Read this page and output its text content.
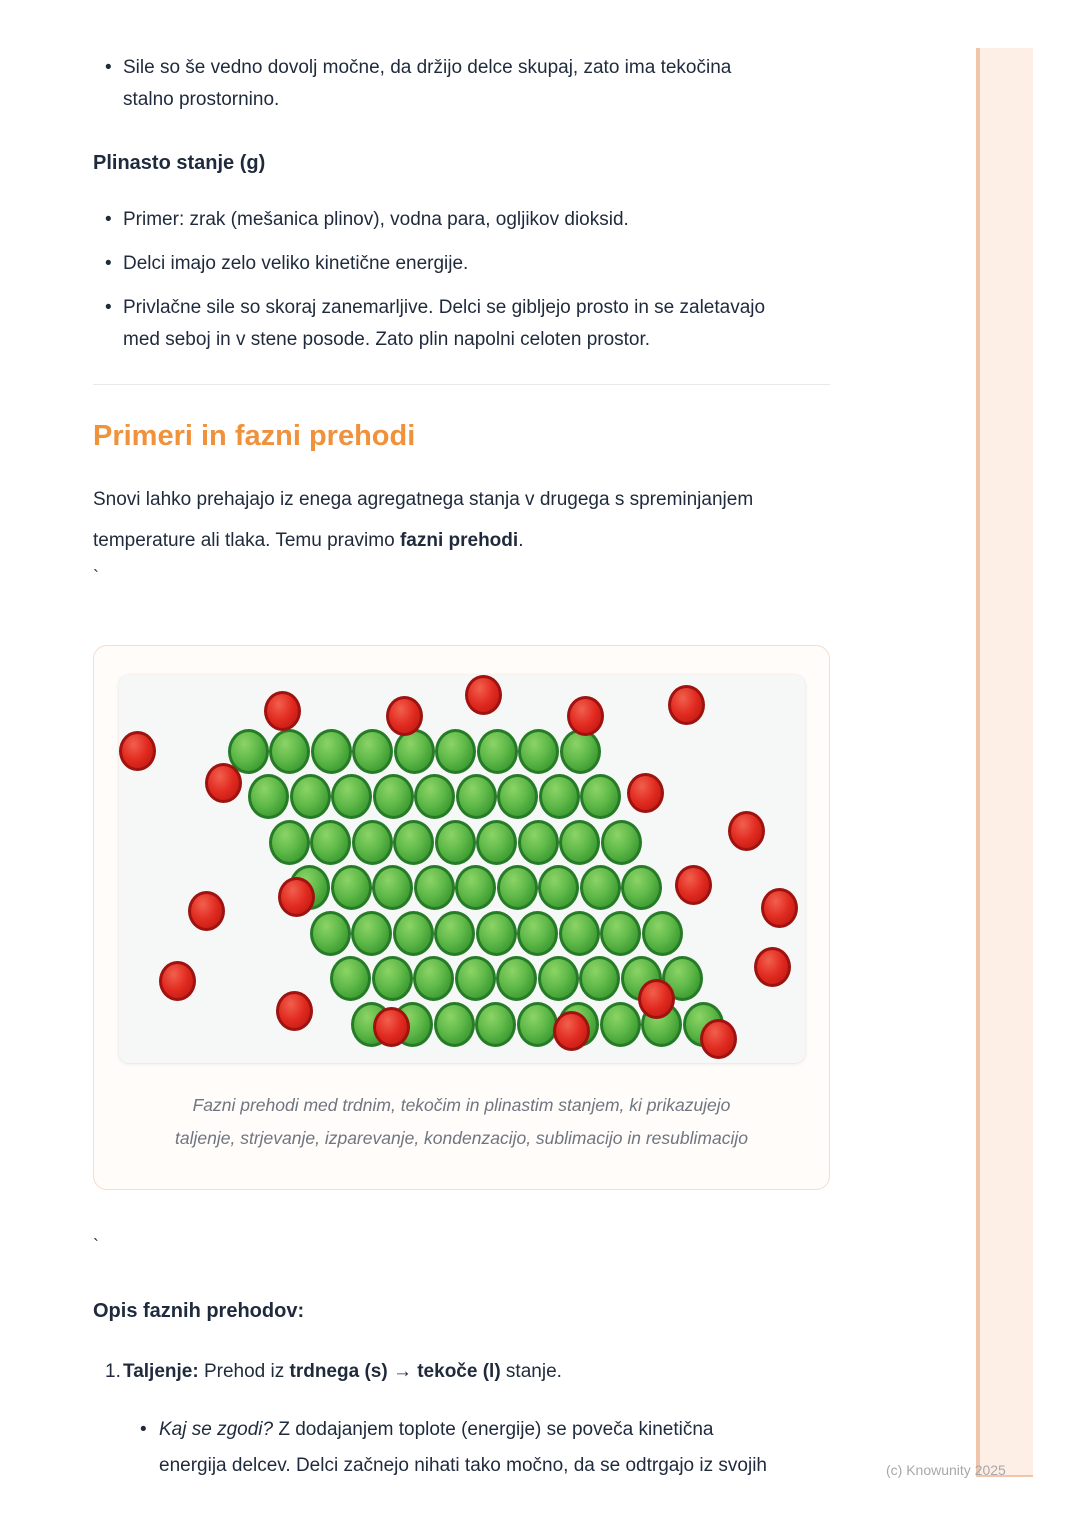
• Sile so še vedno dovolj močne, da držijo delce skupaj, zato ima tekočina
stalno prostornino.
Plinasto stanje (g)
• Primer: zrak (mešanica plinov), vodna para, ogljikov dioksid.
• Delci imajo zelo veliko kinetične energije.
• Privlačne sile so skoraj zanemarljive. Delci se gibljejo prosto in se zaletavajo
med seboj in v stene posode. Zato plin napolni celoten prostor.
Primeri in fazni prehodi
Snovi lahko prehajajo iz enega agregatnega stanja v drugega s spreminjanjem
temperature ali tlaka. Temu pravimo fazni prehodi.
`
Fazni prehodi med trdnim, tekočim in plinastim stanjem, ki prikazujejo
taljenje, strjevanje, izparevanje, kondenzacijo, sublimacijo in resublimacijo
`
Opis faznih prehodov:
1. Taljenje: Prehod iz trdnega (s) → tekoče (l) stanje.
• Kaj se zgodi? Z dodajanjem toplote (energije) se poveča kinetična
energija delcev. Delci začnejo nihati tako močno, da se odtrgajo iz svojih	(c) Knowunity 2025
